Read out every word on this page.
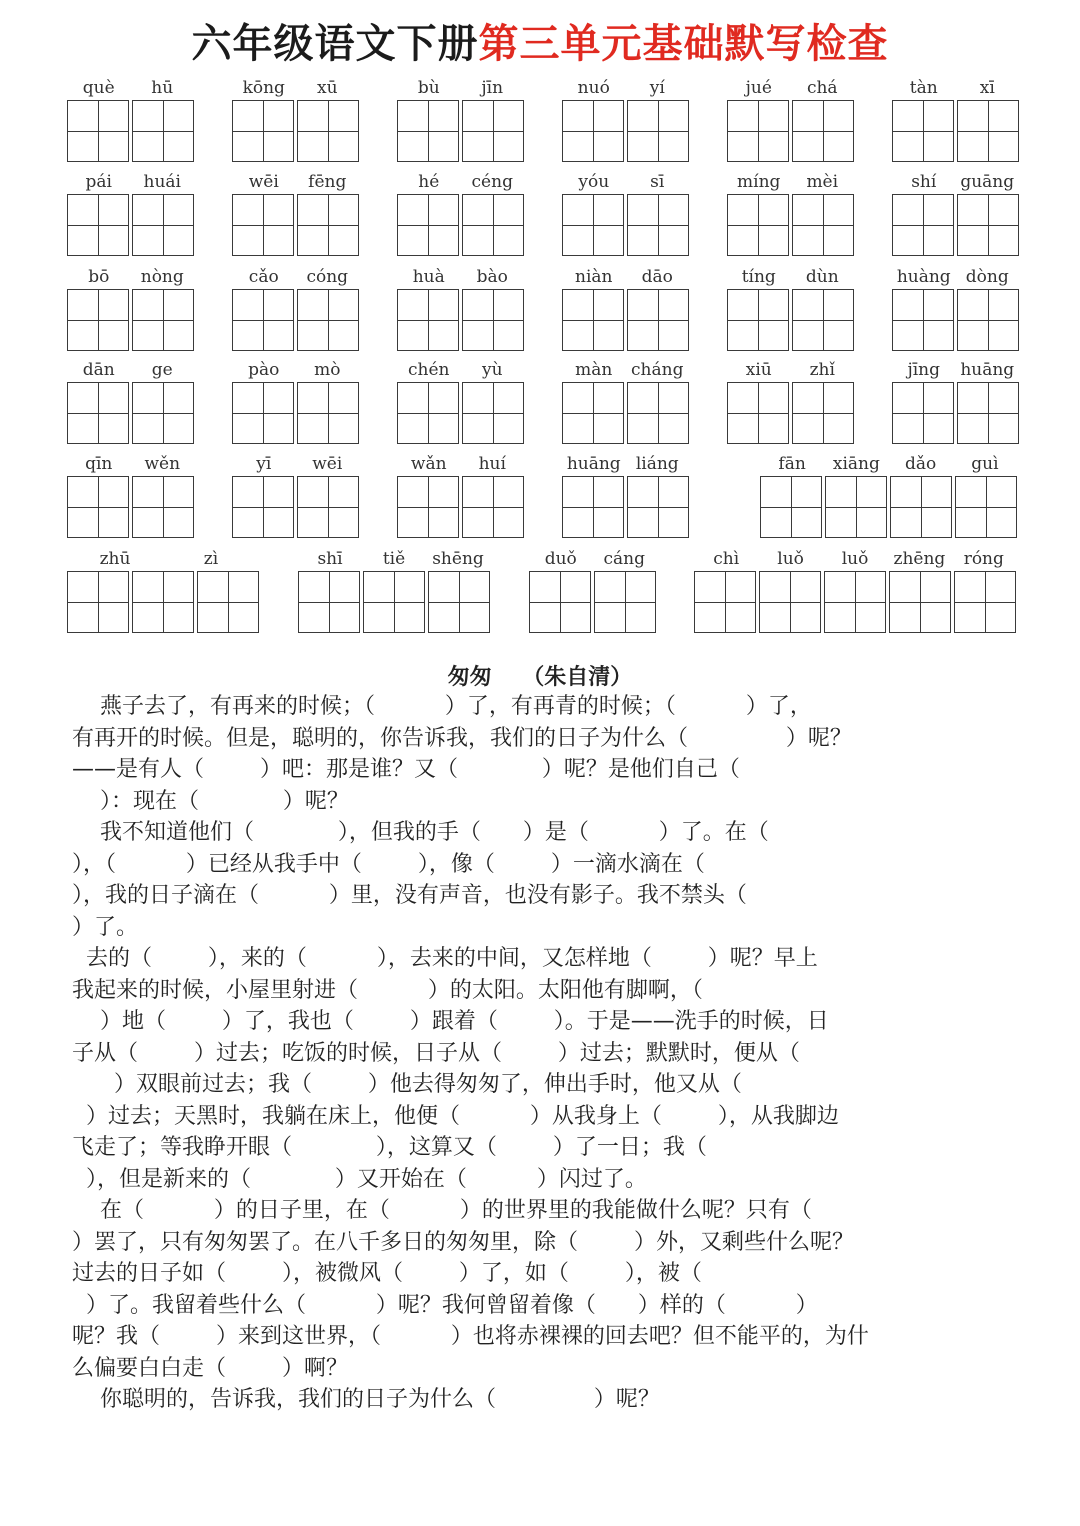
六年级语文下册第三单元基础默写检查
què hū	kōng xū	bù jīn	nuó yí	jué chá	tàn xī
pái huái	wēi fēng	hé céng	yóu sī	míng mèi	shí guāng
bō nòng	cǎo cóng	huà bào	niàn dāo	tíng dùn	huàng dòng
dān ge	pào mò	chén yù	màn cháng	xiū zhǐ	jīng huāng
qīn wěn	yī wēi	wǎn huí	huāng liáng	fān xiāng dǎo guì
zhū	zì	shī tiě shēng	duǒ cáng	chì luǒ luǒ zhēng róng
匆匆    （朱自清）
燕子去了，有再来的时候；（          ）了，有再青的时候；（          ）了，
有再开的时候。但是，聪明的，你告诉我，我们的日子为什么（              ）呢？
——是有人（        ）吧：那是谁？又（            ）呢？是他们自己（
）：现在（            ）呢？
我不知道他们（            ），但我的手（      ）是（          ）了。在（
），（          ）已经从我手中（        ），像（        ）一滴水滴在（
），我的日子滴在（          ）里，没有声音，也没有影子。我不禁头（
）了。
去的（        ），来的（          ），去来的中间，又怎样地（        ）呢？早上
我起来的时候，小屋里射进（          ）的太阳。太阳他有脚啊，（
）地（        ）了，我也（        ）跟着（        ）。于是——洗手的时候，日
子从（        ）过去；吃饭的时候，日子从（        ）过去；默默时，便从（
）双眼前过去；我（        ）他去得匆匆了，伸出手时，他又从（
）过去；天黑时，我躺在床上，他便（          ）从我身上（        ），从我脚边
飞走了；等我睁开眼（            ），这算又（        ）了一日；我（
），但是新来的（            ）又开始在（          ）闪过了。
在（          ）的日子里，在（          ）的世界里的我能做什么呢？只有（
）罢了，只有匆匆罢了。在八千多日的匆匆里，除（        ）外，又剩些什么呢？
过去的日子如（        ），被微风（        ）了，如（        ），被（
）了。我留着些什么（          ）呢？我何曾留着像（      ）样的（          ）
呢？我（        ）来到这世界，（          ）也将赤裸裸的回去吧？但不能平的，为什
么偏要白白走（        ）啊？
你聪明的，告诉我，我们的日子为什么（              ）呢？
